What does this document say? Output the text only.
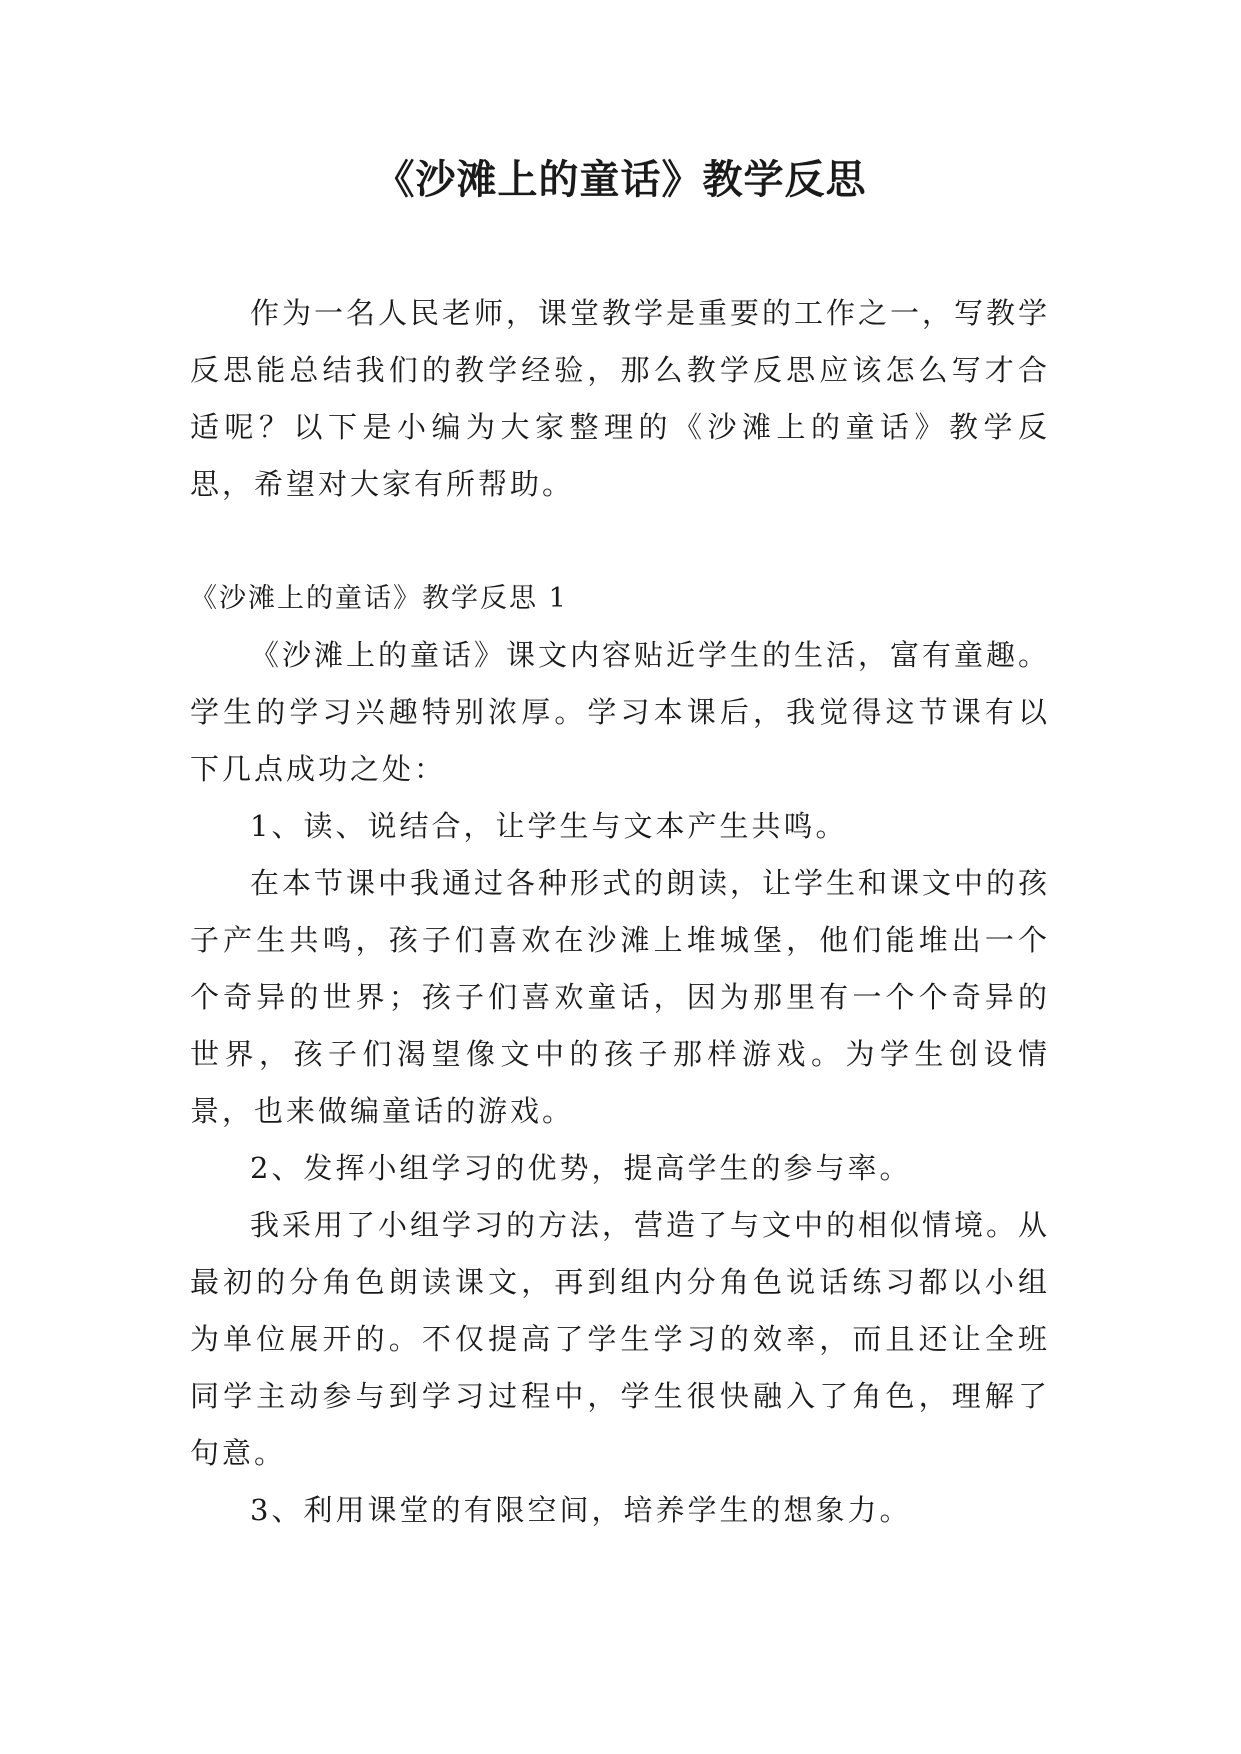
《沙滩上的童话》教学反思

作为一名人民老师，课堂教学是重要的工作之一，写教学反思能总结我们的教学经验，那么教学反思应该怎么写才合适呢？以下是小编为大家整理的《沙滩上的童话》教学反思，希望对大家有所帮助。

《沙滩上的童话》教学反思 1

《沙滩上的童话》课文内容贴近学生的生活，富有童趣。学生的学习兴趣特别浓厚。学习本课后，我觉得这节课有以下几点成功之处：

1、读、说结合，让学生与文本产生共鸣。

在本节课中我通过各种形式的朗读，让学生和课文中的孩子产生共鸣，孩子们喜欢在沙滩上堆城堡，他们能堆出一个个奇异的世界；孩子们喜欢童话，因为那里有一个个奇异的世界，孩子们渴望像文中的孩子那样游戏。为学生创设情景，也来做编童话的游戏。

2、发挥小组学习的优势，提高学生的参与率。

我采用了小组学习的方法，营造了与文中的相似情境。从最初的分角色朗读课文，再到组内分角色说话练习都以小组为单位展开的。不仅提高了学生学习的效率，而且还让全班同学主动参与到学习过程中，学生很快融入了角色，理解了句意。

3、利用课堂的有限空间，培养学生的想象力。
